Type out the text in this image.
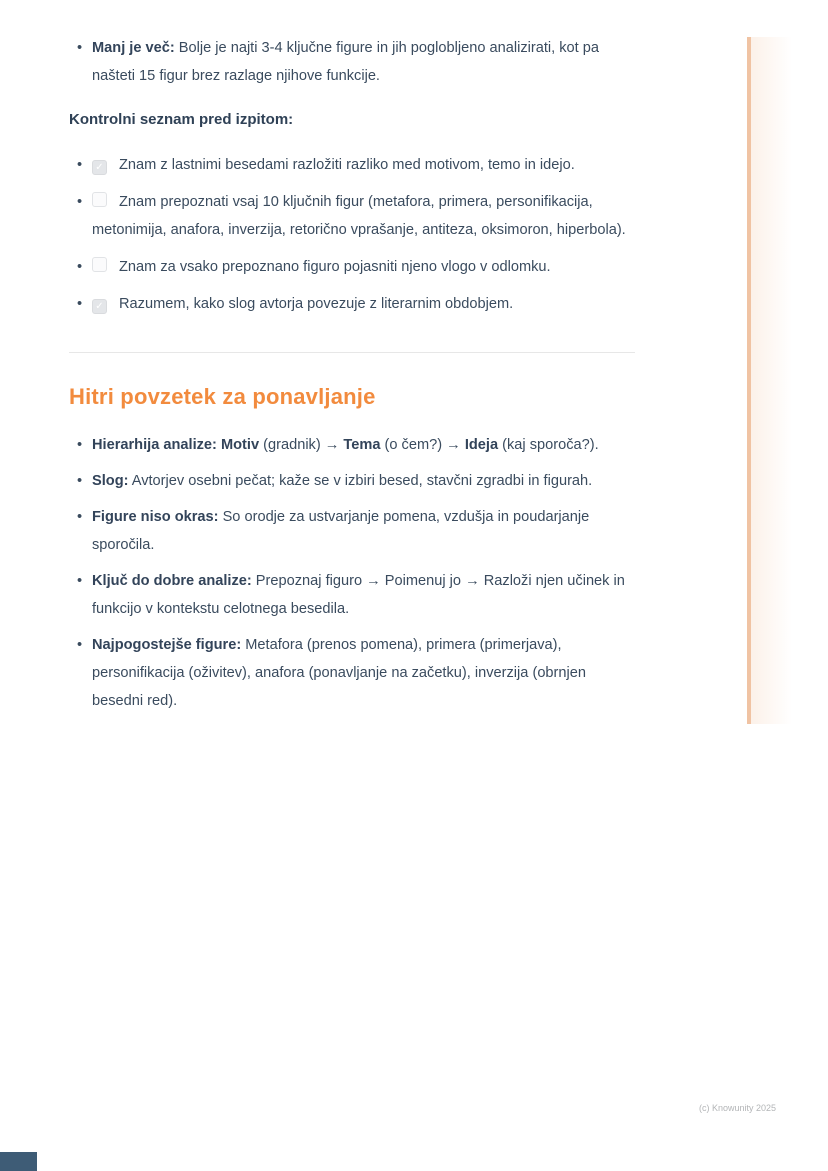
• Manj je več: Bolje je najti 3-4 ključne figure in jih poglobljeno analizirati, kot pa našteti 15 figur brez razlage njihove funkcije.
Kontrolni seznam pred izpitom:
• ✓ Znam z lastnimi besedami razložiti razliko med motivom, temo in idejo.
• Znam prepoznati vsaj 10 ključnih figur (metafora, primera, personifikacija, metonimija, anafora, inverzija, retorično vprašanje, antiteza, oksimoron, hiperbola).
• Znam za vsako prepoznano figuro pojasniti njeno vlogo v odlomku.
• ✓ Razumem, kako slog avtorja povezuje z literarnim obdobjem.
Hitri povzetek za ponavljanje
• Hierarhija analize: Motiv (gradnik) → Tema (o čem?) → Ideja (kaj sporoča?).
• Slog: Avtorjev osebni pečat; kaže se v izbiri besed, stavčni zgradbi in figurah.
• Figure niso okras: So orodje za ustvarjanje pomena, vzdušja in poudarjanje sporočila.
• Ključ do dobre analize: Prepoznaj figuro → Poimenuj jo → Razloži njen učinek in funkcijo v kontekstu celotnega besedila.
• Najpogostejše figure: Metafora (prenos pomena), primera (primerjava), personifikacija (oživitev), anafora (ponavljanje na začetku), inverzija (obrnjen besedni red).
(c) Knowunity 2025
